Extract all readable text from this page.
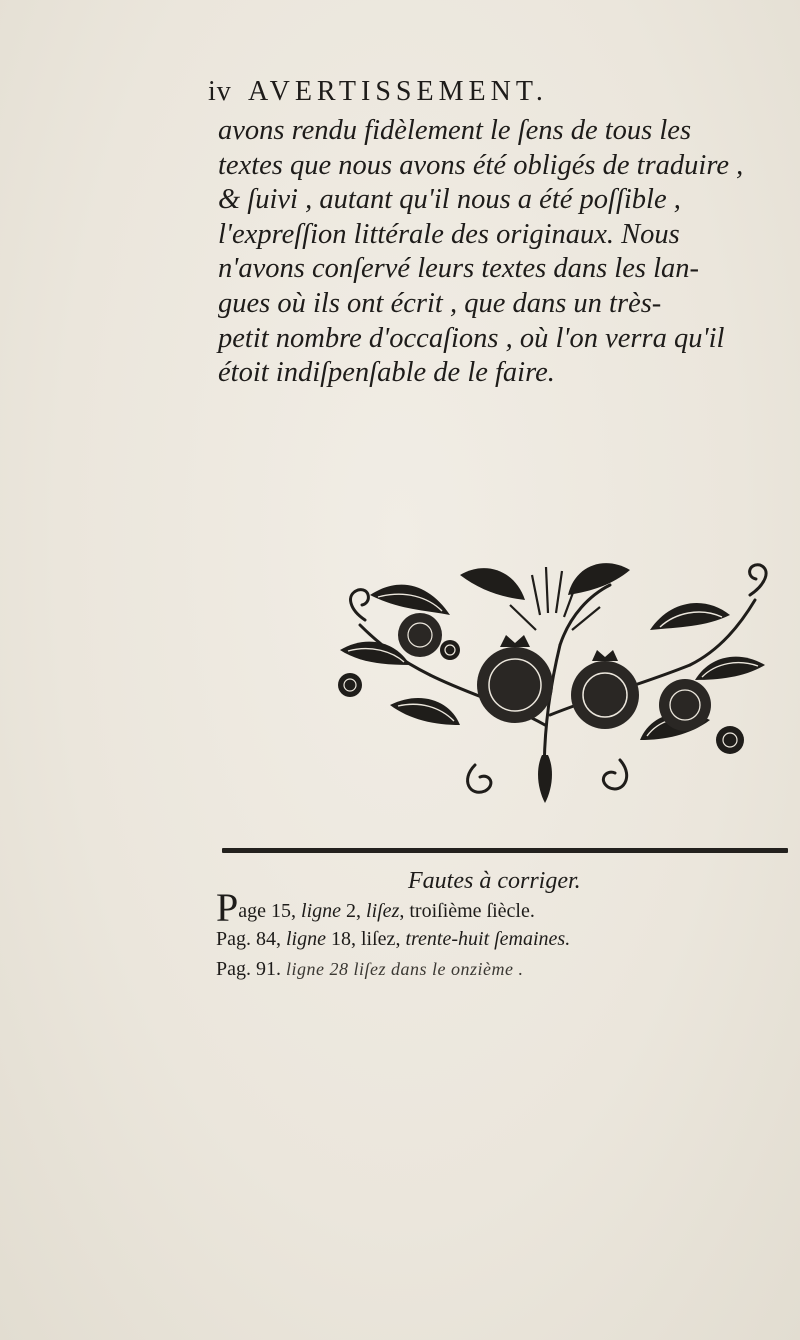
iv AVERTISSEMENT.
avons rendu fidèlement le ſens de tous les
textes que nous avons été obligés de traduire ,
& ſuivi , autant qu'il nous a été poſſible ,
l'expreſſion littérale des originaux. Nous
n'avons conſervé leurs textes dans les lan-
gues où ils ont écrit , que dans un très-
petit nombre d'occaſions , où l'on verra qu'il
étoit indiſpenſable de le faire.
Fautes à corriger.
Page 15, ligne 2, liſez, troiſième ſiècle.
Pag. 84, ligne 18, liſez, trente-huit ſemaines.
Pag. 91. ligne 28 liſez dans le onzième .
